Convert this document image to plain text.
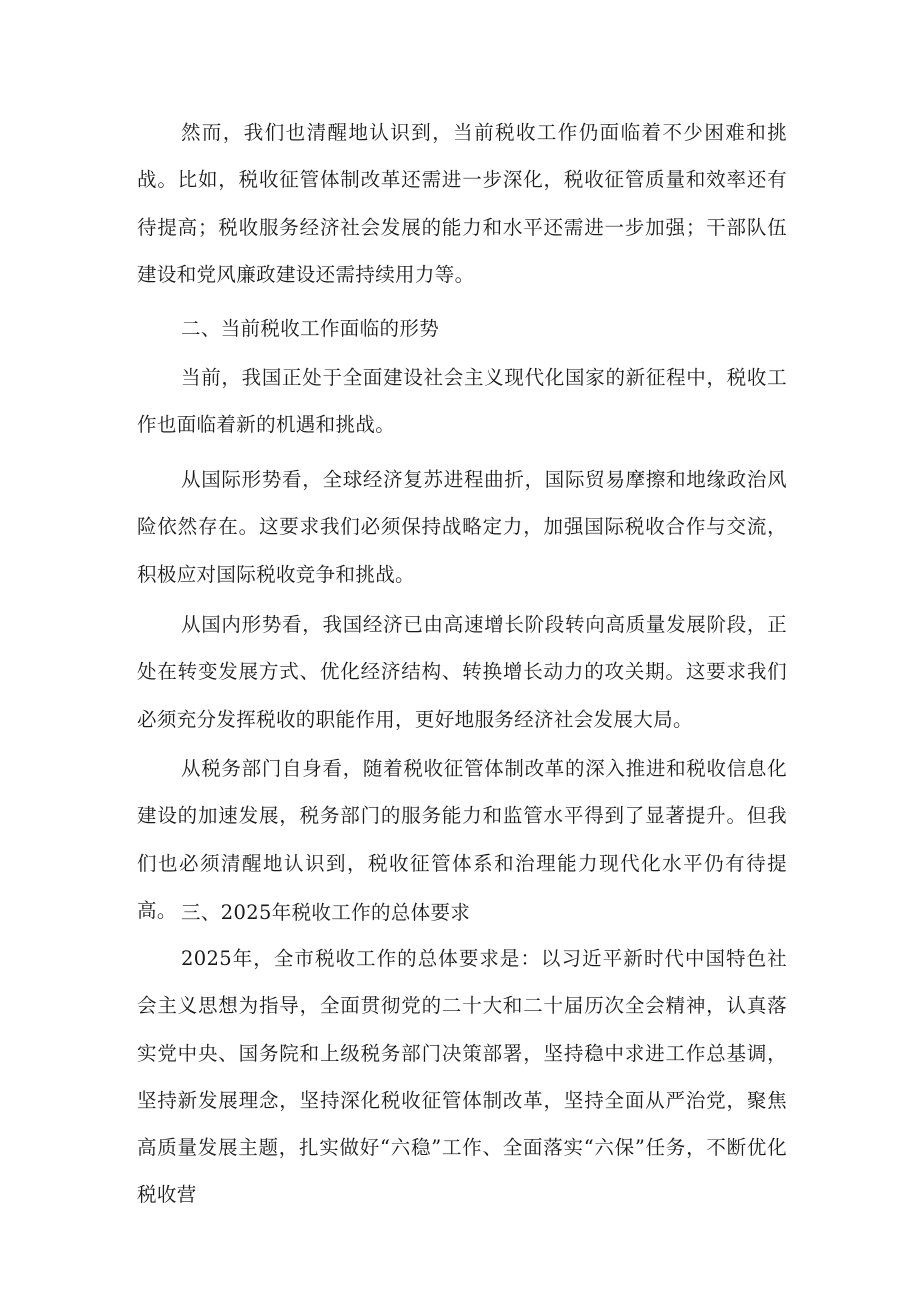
然而，我们也清醒地认识到，当前税收工作仍面临着不少困难和挑战。比如，税收征管体制改革还需进一步深化，税收征管质量和效率还有待提高；税收服务经济社会发展的能力和水平还需进一步加强；干部队伍建设和党风廉政建设还需持续用力等。

二、当前税收工作面临的形势

当前，我国正处于全面建设社会主义现代化国家的新征程中，税收工作也面临着新的机遇和挑战。

从国际形势看，全球经济复苏进程曲折，国际贸易摩擦和地缘政治风险依然存在。这要求我们必须保持战略定力，加强国际税收合作与交流，积极应对国际税收竞争和挑战。

从国内形势看，我国经济已由高速增长阶段转向高质量发展阶段，正处在转变发展方式、优化经济结构、转换增长动力的攻关期。这要求我们必须充分发挥税收的职能作用，更好地服务经济社会发展大局。

从税务部门自身看，随着税收征管体制改革的深入推进和税收信息化建设的加速发展，税务部门的服务能力和监管水平得到了显著提升。但我们也必须清醒地认识到，税收征管体系和治理能力现代化水平仍有待提高。 三、2025年税收工作的总体要求

2025年，全市税收工作的总体要求是：以习近平新时代中国特色社会主义思想为指导，全面贯彻党的二十大和二十届历次全会精神，认真落实党中央、国务院和上级税务部门决策部署，坚持稳中求进工作总基调，坚持新发展理念，坚持深化税收征管体制改革，坚持全面从严治党，聚焦高质量发展主题，扎实做好“六稳”工作、全面落实“六保”任务，不断优化税收营
